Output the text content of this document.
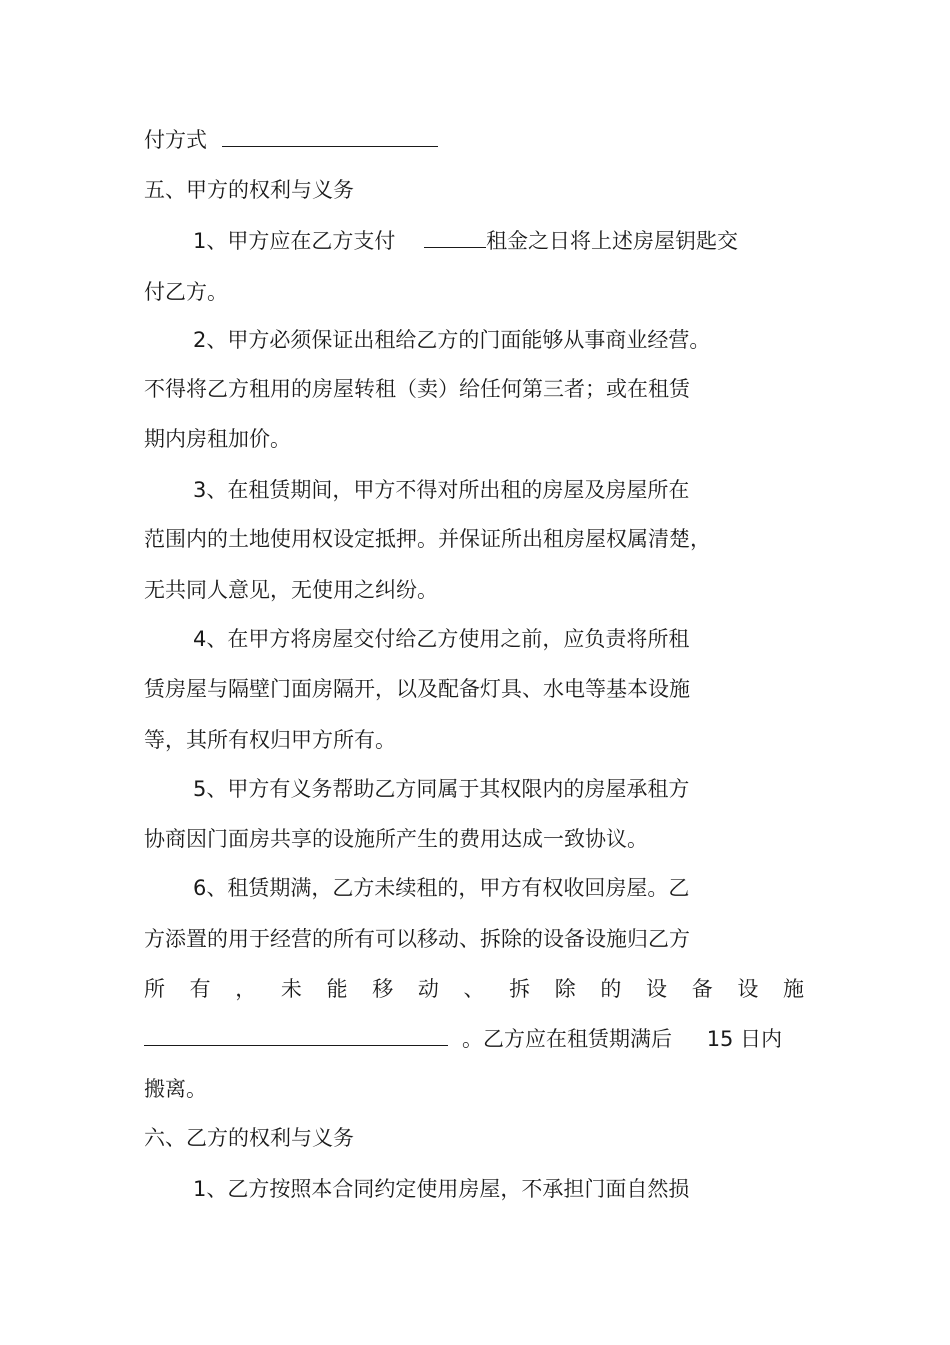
付方式
五、甲方的权利与义务
1、甲方应在乙方支付	租金之日将上述房屋钥匙交
付乙方。
2、甲方必须保证出租给乙方的门面能够从事商业经营。
不得将乙方租用的房屋转租（卖）给任何第三者；或在租赁
期内房租加价。
3、在租赁期间，甲方不得对所出租的房屋及房屋所在
范围内的土地使用权设定抵押。并保证所出租房屋权属清楚，
无共同人意见，无使用之纠纷。
4、在甲方将房屋交付给乙方使用之前，应负责将所租
赁房屋与隔壁门面房隔开，以及配备灯具、水电等基本设施
等，其所有权归甲方所有。
5、甲方有义务帮助乙方同属于其权限内的房屋承租方
协商因门面房共享的设施所产生的费用达成一致协议。
6、租赁期满，乙方未续租的，甲方有权收回房屋。乙
方添置的用于经营的所有可以移动、拆除的设备设施归乙方
所 有 ， 未 能 移 动 、 拆 除 的 设 备 设 施
。乙方应在租赁期满后 15 日内
搬离。
六、乙方的权利与义务
1、乙方按照本合同约定使用房屋，不承担门面自然损
